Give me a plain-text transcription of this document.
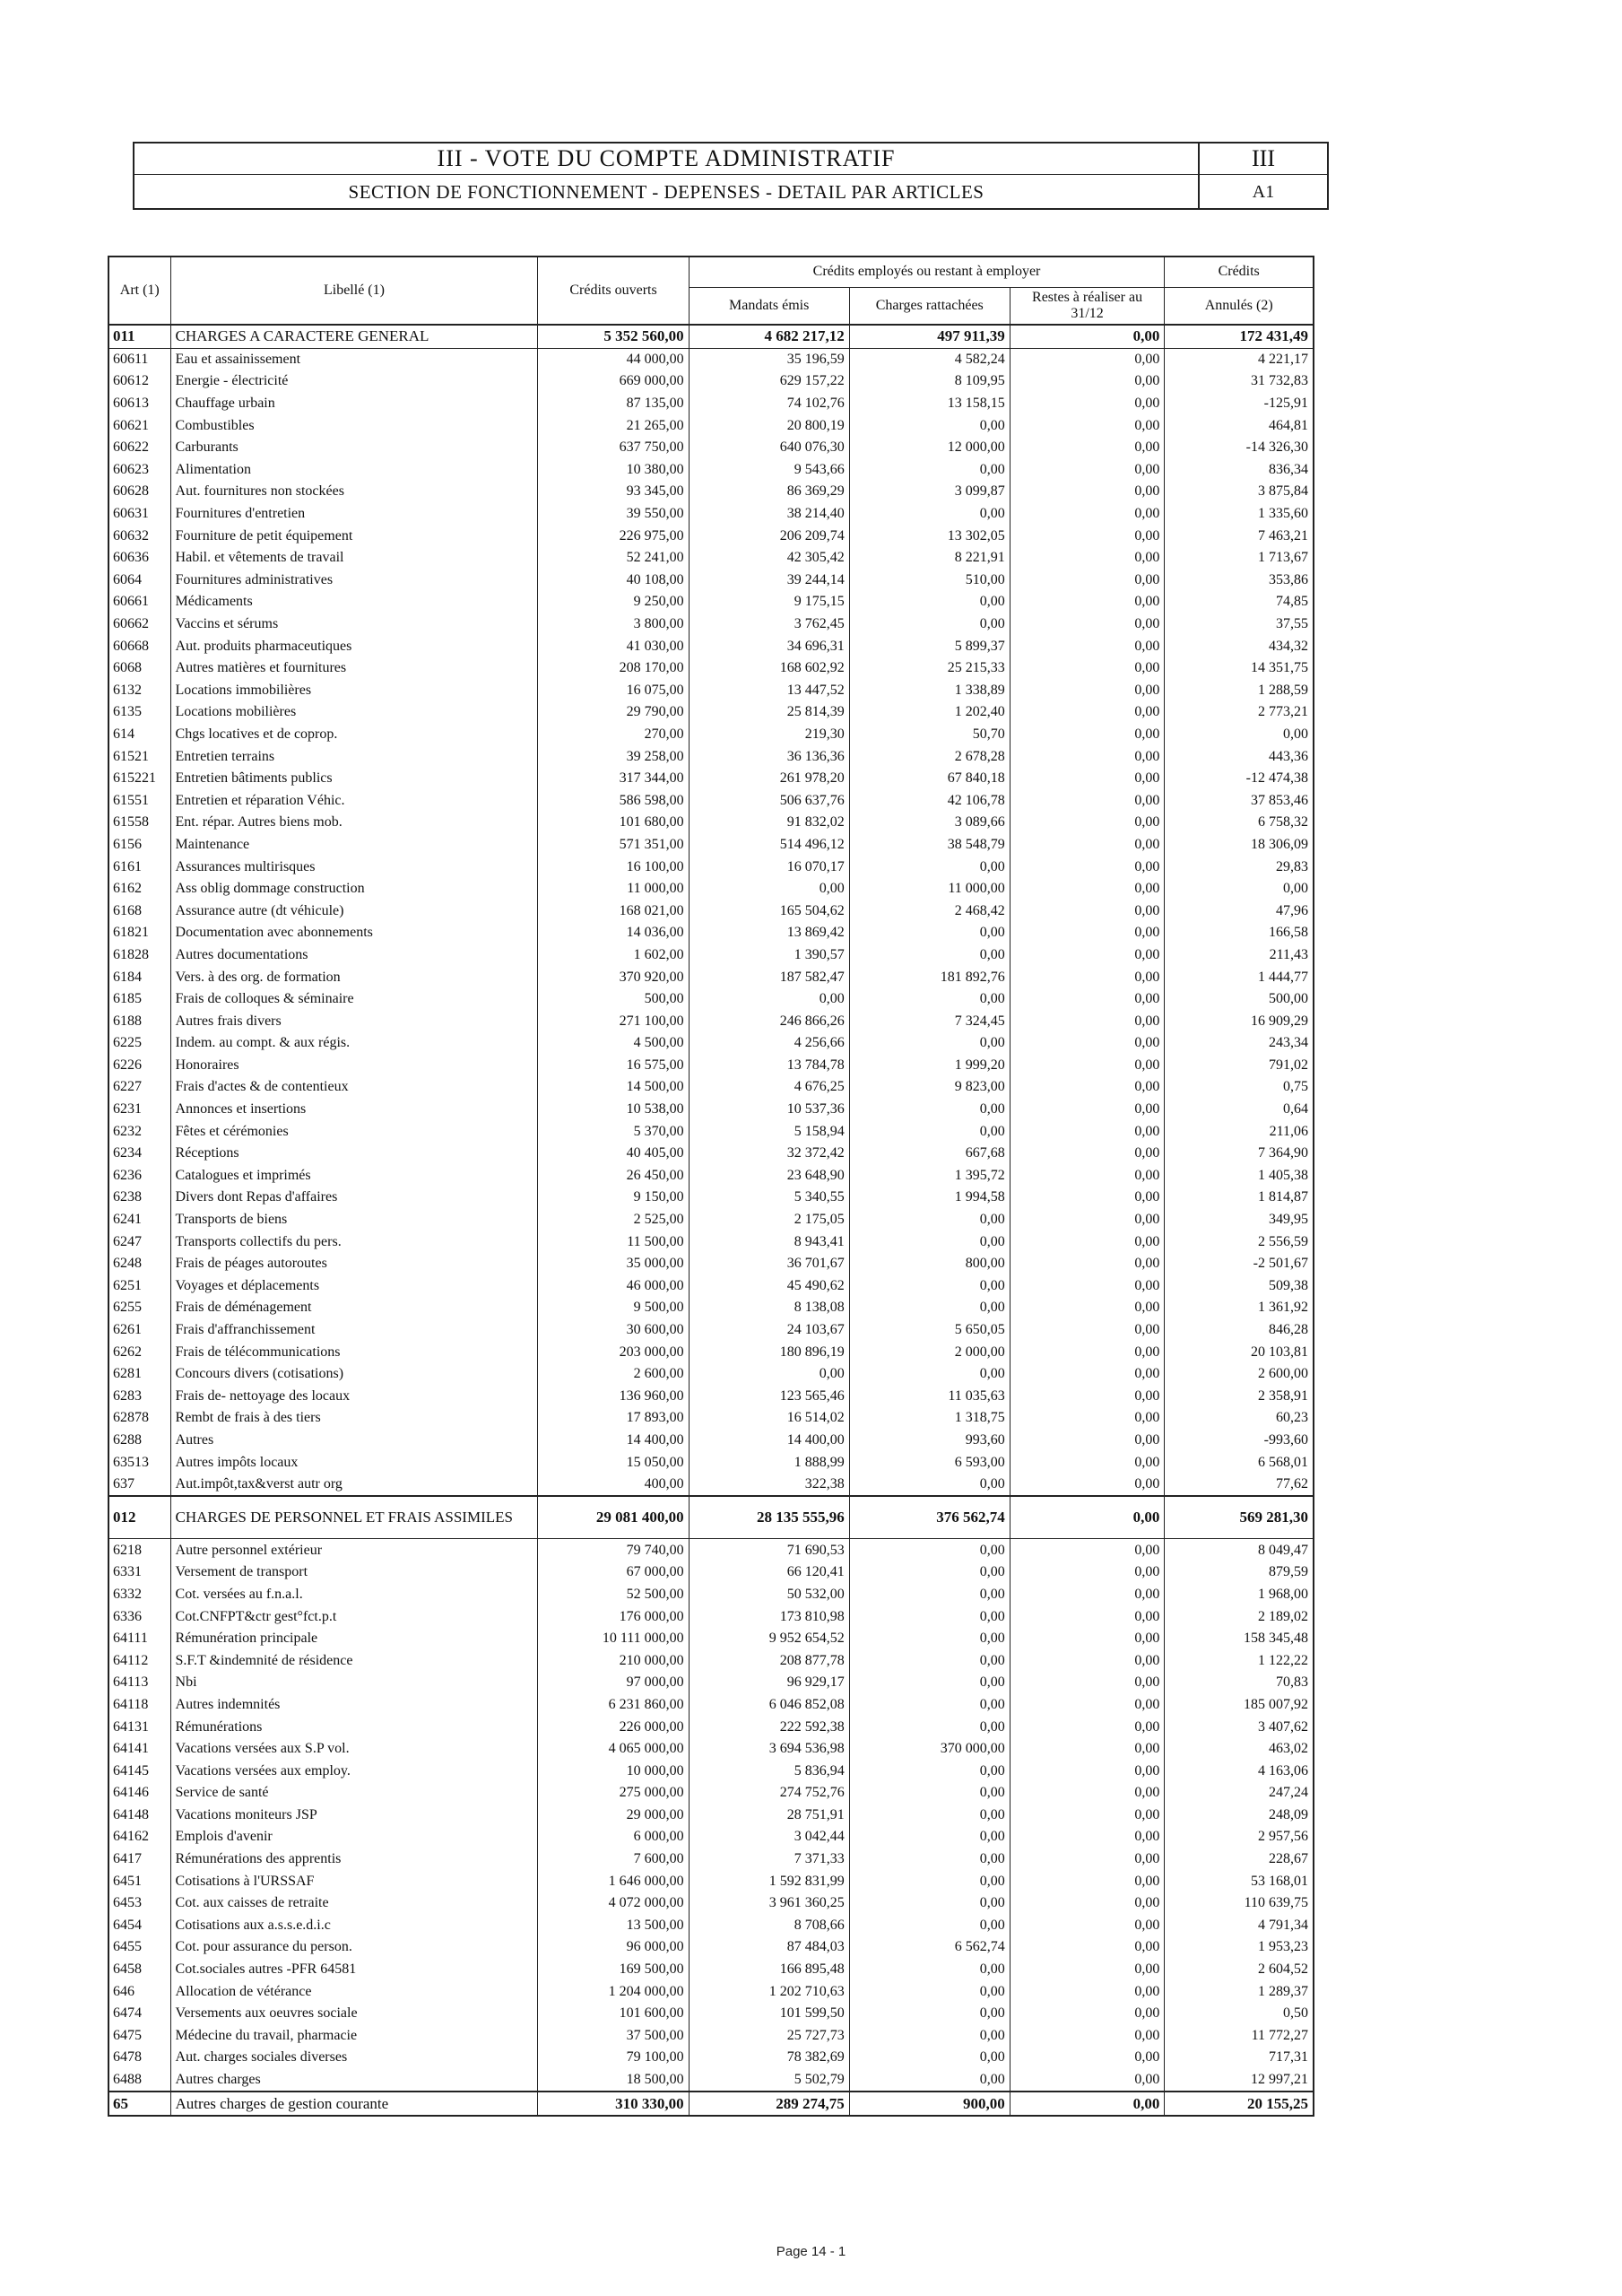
III - VOTE DU COMPTE ADMINISTRATIF
SECTION DE FONCTIONNEMENT - DEPENSES - DETAIL PAR ARTICLES
III
A1
Art (1)	Libellé (1)	Crédits ouverts	Crédits employés ou restant à employer			Crédits
			Mandats émis	Charges rattachées	Restes à réaliser au 31/12	Annulés (2)
011	CHARGES A CARACTERE GENERAL	5 352 560,00	4 682 217,12	497 911,39	0,00	172 431,49
60611	Eau et assainissement	44 000,00	35 196,59	4 582,24	0,00	4 221,17
60612	Energie - électricité	669 000,00	629 157,22	8 109,95	0,00	31 732,83
60613	Chauffage urbain	87 135,00	74 102,76	13 158,15	0,00	-125,91
60621	Combustibles	21 265,00	20 800,19	0,00	0,00	464,81
60622	Carburants	637 750,00	640 076,30	12 000,00	0,00	-14 326,30
60623	Alimentation	10 380,00	9 543,66	0,00	0,00	836,34
60628	Aut. fournitures non stockées	93 345,00	86 369,29	3 099,87	0,00	3 875,84
60631	Fournitures d'entretien	39 550,00	38 214,40	0,00	0,00	1 335,60
60632	Fourniture de petit équipement	226 975,00	206 209,74	13 302,05	0,00	7 463,21
60636	Habil. et vêtements de travail	52 241,00	42 305,42	8 221,91	0,00	1 713,67
6064	Fournitures administratives	40 108,00	39 244,14	510,00	0,00	353,86
60661	Médicaments	9 250,00	9 175,15	0,00	0,00	74,85
60662	Vaccins et sérums	3 800,00	3 762,45	0,00	0,00	37,55
60668	Aut. produits pharmaceutiques	41 030,00	34 696,31	5 899,37	0,00	434,32
6068	Autres matières et fournitures	208 170,00	168 602,92	25 215,33	0,00	14 351,75
6132	Locations immobilières	16 075,00	13 447,52	1 338,89	0,00	1 288,59
6135	Locations mobilières	29 790,00	25 814,39	1 202,40	0,00	2 773,21
614	Chgs locatives et de coprop.	270,00	219,30	50,70	0,00	0,00
61521	Entretien terrains	39 258,00	36 136,36	2 678,28	0,00	443,36
615221	Entretien bâtiments publics	317 344,00	261 978,20	67 840,18	0,00	-12 474,38
61551	Entretien et réparation Véhic.	586 598,00	506 637,76	42 106,78	0,00	37 853,46
61558	Ent. répar. Autres biens mob.	101 680,00	91 832,02	3 089,66	0,00	6 758,32
6156	Maintenance	571 351,00	514 496,12	38 548,79	0,00	18 306,09
6161	Assurances multirisques	16 100,00	16 070,17	0,00	0,00	29,83
6162	Ass oblig dommage construction	11 000,00	0,00	11 000,00	0,00	0,00
6168	Assurance autre (dt véhicule)	168 021,00	165 504,62	2 468,42	0,00	47,96
61821	Documentation avec abonnements	14 036,00	13 869,42	0,00	0,00	166,58
61828	Autres documentations	1 602,00	1 390,57	0,00	0,00	211,43
6184	Vers. à des org. de formation	370 920,00	187 582,47	181 892,76	0,00	1 444,77
6185	Frais de colloques & séminaire	500,00	0,00	0,00	0,00	500,00
6188	Autres frais divers	271 100,00	246 866,26	7 324,45	0,00	16 909,29
6225	Indem. au compt. & aux régis.	4 500,00	4 256,66	0,00	0,00	243,34
6226	Honoraires	16 575,00	13 784,78	1 999,20	0,00	791,02
6227	Frais d'actes & de contentieux	14 500,00	4 676,25	9 823,00	0,00	0,75
6231	Annonces et insertions	10 538,00	10 537,36	0,00	0,00	0,64
6232	Fêtes et cérémonies	5 370,00	5 158,94	0,00	0,00	211,06
6234	Réceptions	40 405,00	32 372,42	667,68	0,00	7 364,90
6236	Catalogues et imprimés	26 450,00	23 648,90	1 395,72	0,00	1 405,38
6238	Divers dont Repas d'affaires	9 150,00	5 340,55	1 994,58	0,00	1 814,87
6241	Transports de biens	2 525,00	2 175,05	0,00	0,00	349,95
6247	Transports collectifs du pers.	11 500,00	8 943,41	0,00	0,00	2 556,59
6248	Frais de péages autoroutes	35 000,00	36 701,67	800,00	0,00	-2 501,67
6251	Voyages et déplacements	46 000,00	45 490,62	0,00	0,00	509,38
6255	Frais de déménagement	9 500,00	8 138,08	0,00	0,00	1 361,92
6261	Frais d'affranchissement	30 600,00	24 103,67	5 650,05	0,00	846,28
6262	Frais de télécommunications	203 000,00	180 896,19	2 000,00	0,00	20 103,81
6281	Concours divers (cotisations)	2 600,00	0,00	0,00	0,00	2 600,00
6283	Frais de- nettoyage des locaux	136 960,00	123 565,46	11 035,63	0,00	2 358,91
62878	Rembt de frais à des tiers	17 893,00	16 514,02	1 318,75	0,00	60,23
6288	Autres	14 400,00	14 400,00	993,60	0,00	-993,60
63513	Autres impôts locaux	15 050,00	1 888,99	6 593,00	0,00	6 568,01
637	Aut.impôt,tax&verst autr org	400,00	322,38	0,00	0,00	77,62
012	CHARGES DE PERSONNEL ET FRAIS ASSIMILES	29 081 400,00	28 135 555,96	376 562,74	0,00	569 281,30
6218	Autre personnel extérieur	79 740,00	71 690,53	0,00	0,00	8 049,47
6331	Versement de transport	67 000,00	66 120,41	0,00	0,00	879,59
6332	Cot. versées au f.n.a.l.	52 500,00	50 532,00	0,00	0,00	1 968,00
6336	Cot.CNFPT&ctr gest°fct.p.t	176 000,00	173 810,98	0,00	0,00	2 189,02
64111	Rémunération principale	10 111 000,00	9 952 654,52	0,00	0,00	158 345,48
64112	S.F.T &indemnité de résidence	210 000,00	208 877,78	0,00	0,00	1 122,22
64113	Nbi	97 000,00	96 929,17	0,00	0,00	70,83
64118	Autres indemnités	6 231 860,00	6 046 852,08	0,00	0,00	185 007,92
64131	Rémunérations	226 000,00	222 592,38	0,00	0,00	3 407,62
64141	Vacations versées aux S.P vol.	4 065 000,00	3 694 536,98	370 000,00	0,00	463,02
64145	Vacations versées aux employ.	10 000,00	5 836,94	0,00	0,00	4 163,06
64146	Service de santé	275 000,00	274 752,76	0,00	0,00	247,24
64148	Vacations moniteurs JSP	29 000,00	28 751,91	0,00	0,00	248,09
64162	Emplois d'avenir	6 000,00	3 042,44	0,00	0,00	2 957,56
6417	Rémunérations des apprentis	7 600,00	7 371,33	0,00	0,00	228,67
6451	Cotisations à l'URSSAF	1 646 000,00	1 592 831,99	0,00	0,00	53 168,01
6453	Cot. aux caisses de retraite	4 072 000,00	3 961 360,25	0,00	0,00	110 639,75
6454	Cotisations aux a.s.s.e.d.i.c	13 500,00	8 708,66	0,00	0,00	4 791,34
6455	Cot. pour assurance du person.	96 000,00	87 484,03	6 562,74	0,00	1 953,23
6458	Cot.sociales autres -PFR 64581	169 500,00	166 895,48	0,00	0,00	2 604,52
646	Allocation de vétérance	1 204 000,00	1 202 710,63	0,00	0,00	1 289,37
6474	Versements aux oeuvres sociale	101 600,00	101 599,50	0,00	0,00	0,50
6475	Médecine du travail, pharmacie	37 500,00	25 727,73	0,00	0,00	11 772,27
6478	Aut. charges sociales diverses	79 100,00	78 382,69	0,00	0,00	717,31
6488	Autres charges	18 500,00	5 502,79	0,00	0,00	12 997,21
65	Autres charges de gestion courante	310 330,00	289 274,75	900,00	0,00	20 155,25
Page 14 - 1
